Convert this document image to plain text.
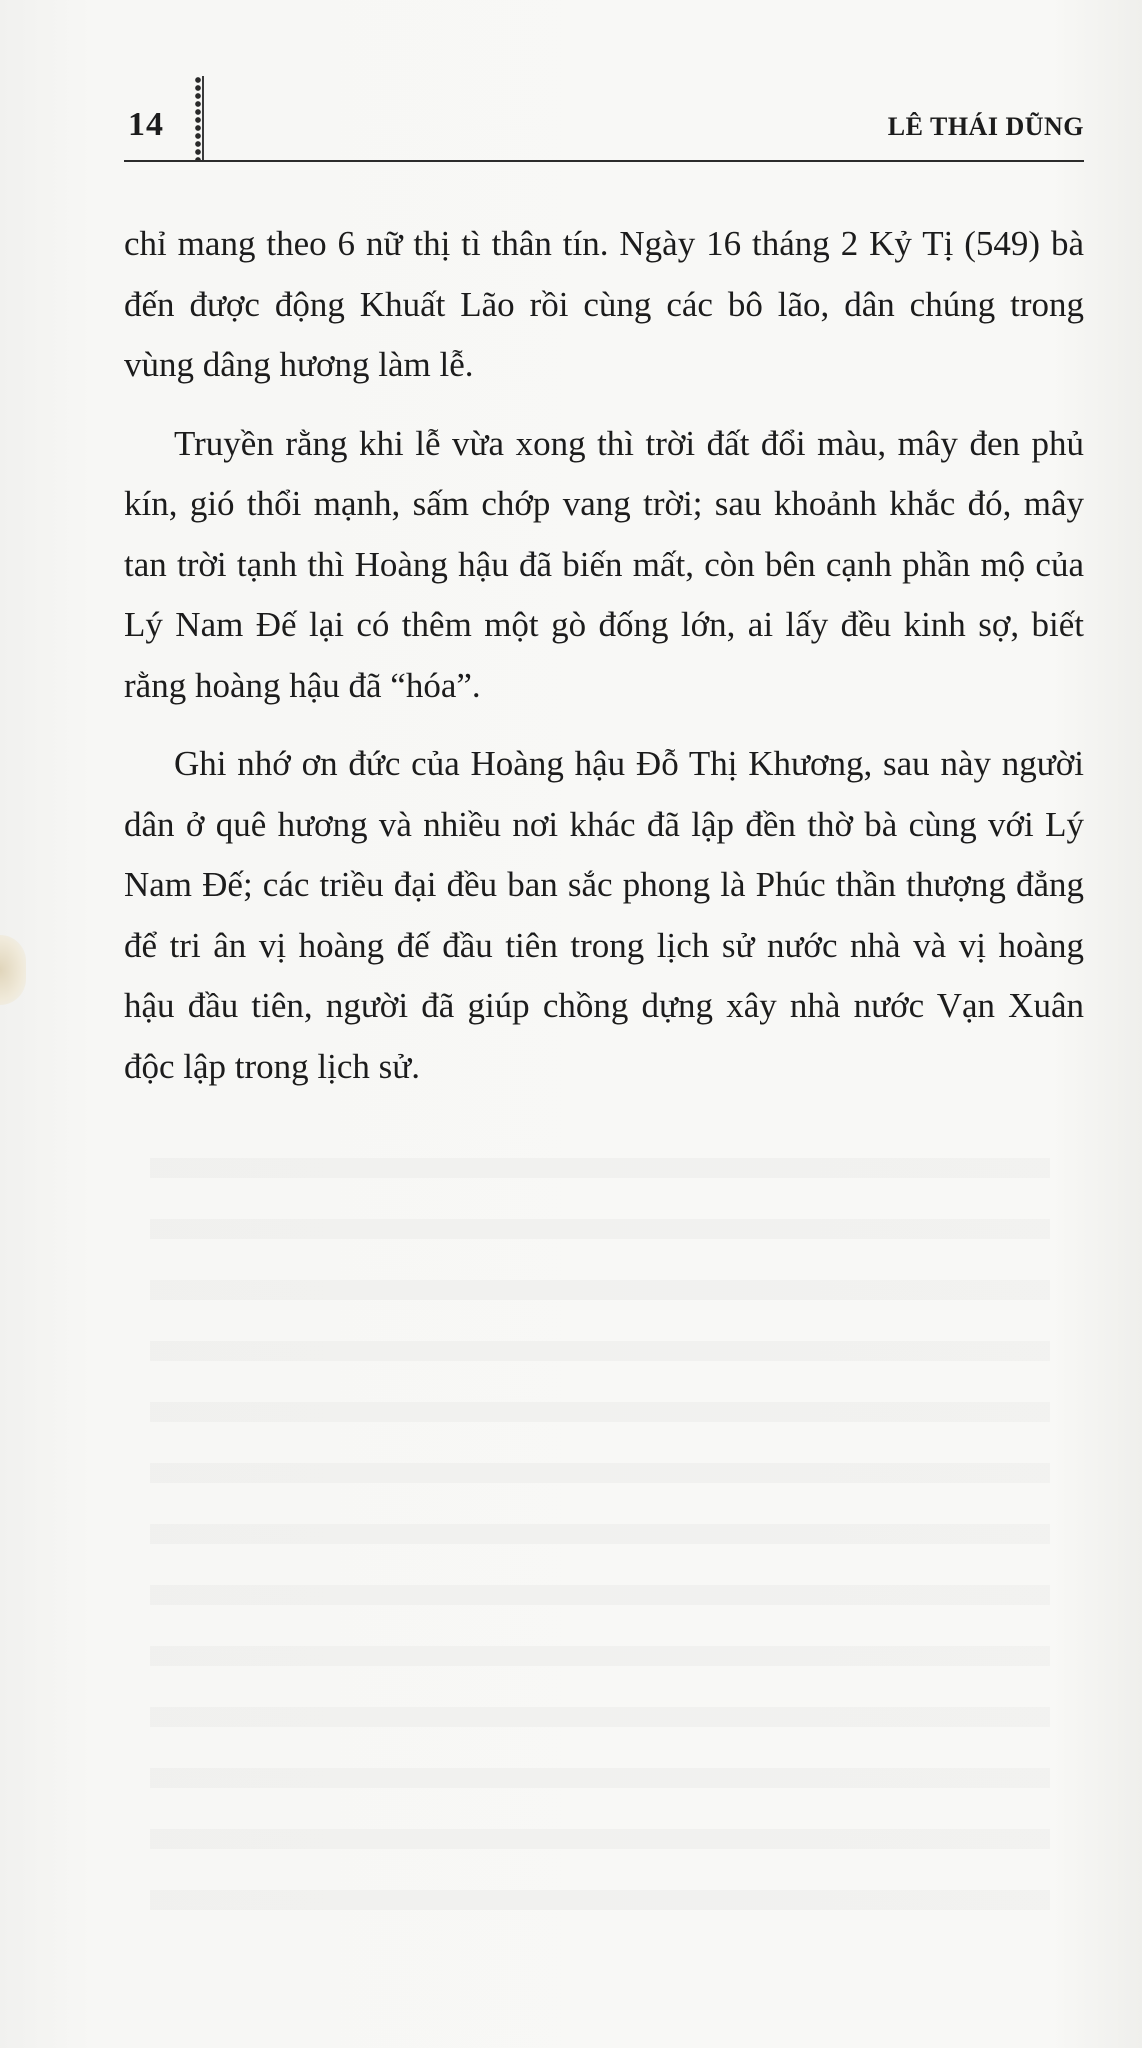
14	LÊ THÁI DŨNG

chỉ mang theo 6 nữ thị tì thân tín. Ngày 16 tháng 2 Kỷ Tị (549) bà đến được động Khuất Lão rồi cùng các bô lão, dân chúng trong vùng dâng hương làm lễ.

Truyền rằng khi lễ vừa xong thì trời đất đổi màu, mây đen phủ kín, gió thổi mạnh, sấm chớp vang trời; sau khoảnh khắc đó, mây tan trời tạnh thì Hoàng hậu đã biến mất, còn bên cạnh phần mộ của Lý Nam Đế lại có thêm một gò đống lớn, ai lấy đều kinh sợ, biết rằng hoàng hậu đã “hóa”.

Ghi nhớ ơn đức của Hoàng hậu Đỗ Thị Khương, sau này người dân ở quê hương và nhiều nơi khác đã lập đền thờ bà cùng với Lý Nam Đế; các triều đại đều ban sắc phong là Phúc thần thượng đẳng để tri ân vị hoàng đế đầu tiên trong lịch sử nước nhà và vị hoàng hậu đầu tiên, người đã giúp chồng dựng xây nhà nước Vạn Xuân độc lập trong lịch sử.
